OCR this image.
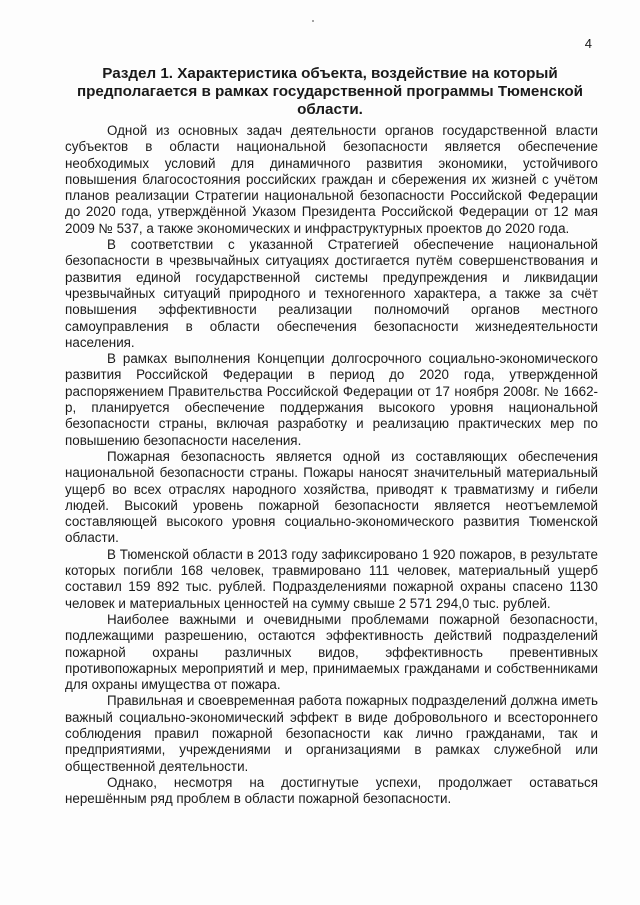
4
Раздел 1. Характеристика объекта, воздействие на который предполагается в рамках государственной программы Тюменской области.

Одной из основных задач деятельности органов государственной власти субъектов в области национальной безопасности является обеспечение необходимых условий для динамичного развития экономики, устойчивого повышения благосостояния российских граждан и сбережения их жизней с учётом планов реализации Стратегии национальной безопасности Российской Федерации до 2020 года, утверждённой Указом Президента Российской Федерации от 12 мая 2009 № 537, а также экономических и инфраструктурных проектов до 2020 года.

В соответствии с указанной Стратегией обеспечение национальной безопасности в чрезвычайных ситуациях достигается путём совершенствования и развития единой государственной системы предупреждения и ликвидации чрезвычайных ситуаций природного и техногенного характера, а также за счёт повышения эффективности реализации полномочий органов местного самоуправления в области обеспечения безопасности жизнедеятельности населения.

В рамках выполнения Концепции долгосрочного социально-экономического развития Российской Федерации в период до 2020 года, утвержденной распоряжением Правительства Российской Федерации от 17 ноября 2008г. № 1662-р, планируется обеспечение поддержания высокого уровня национальной безопасности страны, включая разработку и реализацию практических мер по повышению безопасности населения.

Пожарная безопасность является одной из составляющих обеспечения национальной безопасности страны. Пожары наносят значительный материальный ущерб во всех отраслях народного хозяйства, приводят к травматизму и гибели людей. Высокий уровень пожарной безопасности является неотъемлемой составляющей высокого уровня социально-экономического развития Тюменской области.

В Тюменской области в 2013 году зафиксировано 1 920 пожаров, в результате которых погибли 168 человек, травмировано 111 человек, материальный ущерб составил 159 892 тыс. рублей. Подразделениями пожарной охраны спасено 1130 человек и материальных ценностей на сумму свыше 2 571 294,0 тыс. рублей.

Наиболее важными и очевидными проблемами пожарной безопасности, подлежащими разрешению, остаются эффективность действий подразделений пожарной охраны различных видов, эффективность превентивных противопожарных мероприятий и мер, принимаемых гражданами и собственниками для охраны имущества от пожара.

Правильная и своевременная работа пожарных подразделений должна иметь важный социально-экономический эффект в виде добровольного и всестороннего соблюдения правил пожарной безопасности как лично гражданами, так и предприятиями, учреждениями и организациями в рамках служебной или общественной деятельности.

Однако, несмотря на достигнутые успехи, продолжает оставаться нерешённым ряд проблем в области пожарной безопасности.
